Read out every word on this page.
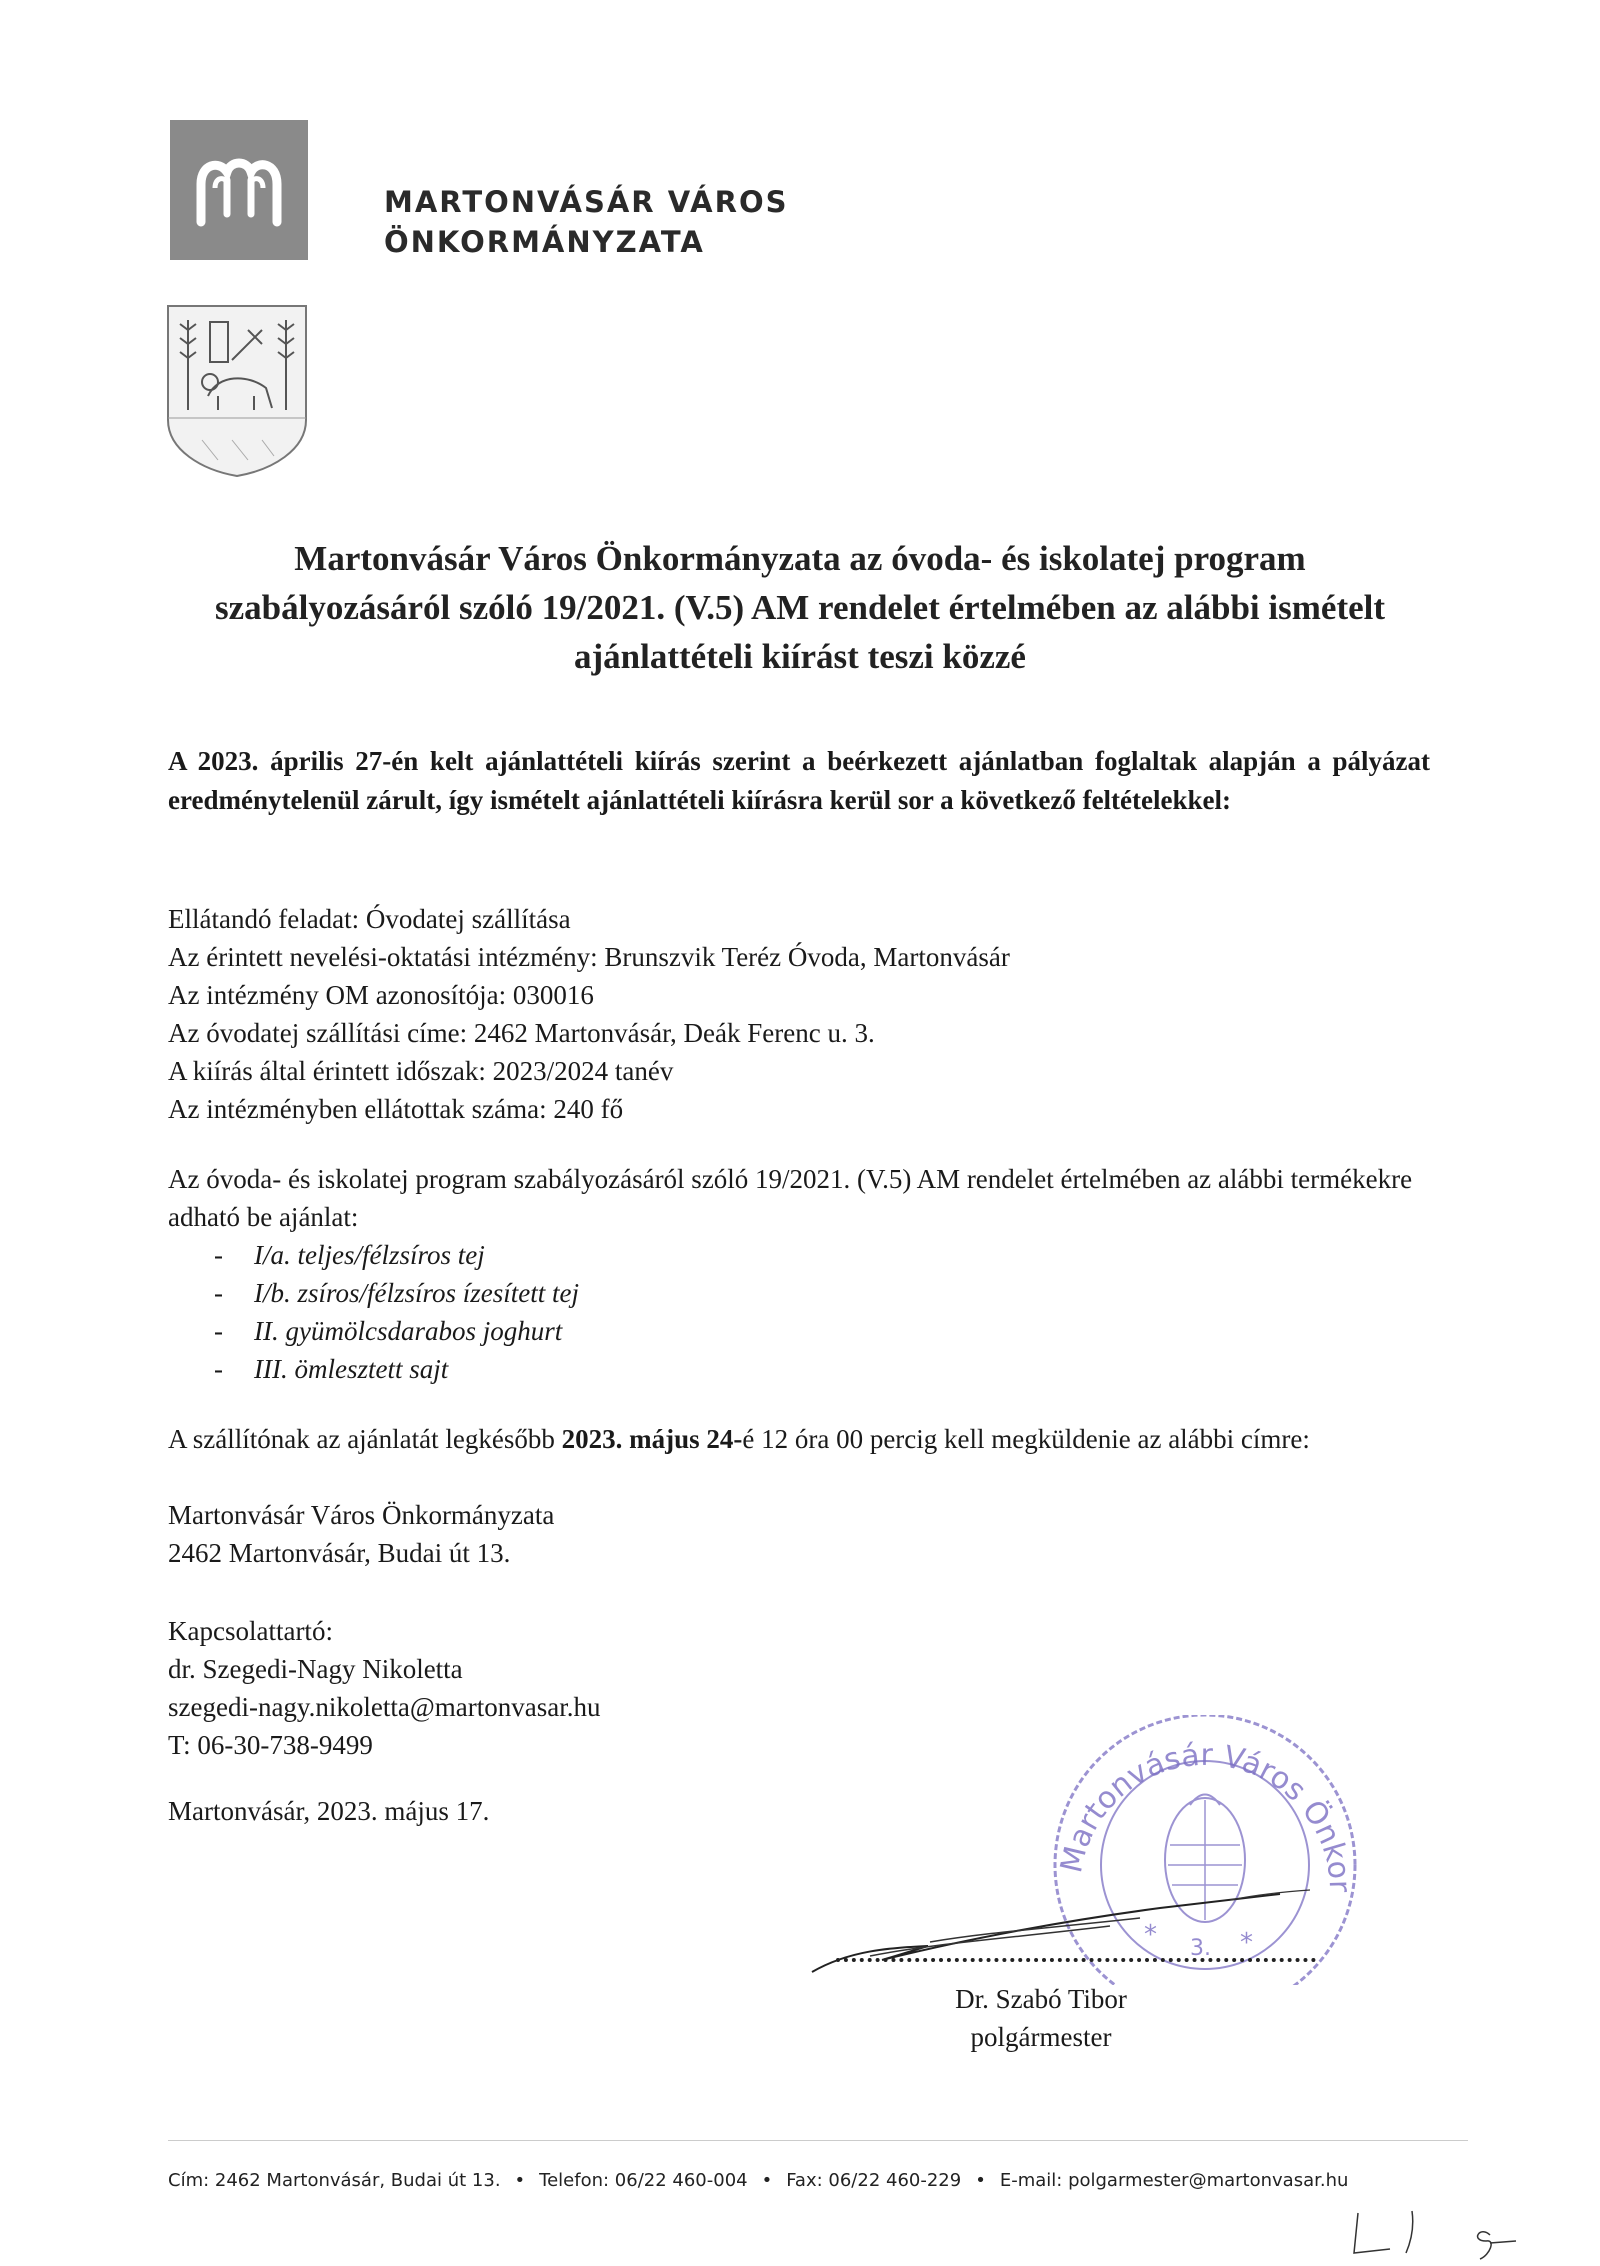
MARTONVÁSÁR VÁROS
ÖNKORMÁNYZATA
Martonvásár Város Önkormányzata az óvoda- és iskolatej program
szabályozásáról szóló 19/2021. (V.5) AM rendelet értelmében az alábbi ismételt
ajánlattételi kiírást teszi közzé
A 2023. április 27-én kelt ajánlattételi kiírás szerint a beérkezett ajánlatban foglaltak alapján a pályázat eredménytelenül zárult, így ismételt ajánlattételi kiírásra kerül sor a következő feltételekkel:
Ellátandó feladat: Óvodatej szállítása
Az érintett nevelési-oktatási intézmény: Brunszvik Teréz Óvoda, Martonvásár
Az intézmény OM azonosítója: 030016
Az óvodatej szállítási címe: 2462 Martonvásár, Deák Ferenc u. 3.
A kiírás által érintett időszak: 2023/2024 tanév
Az intézményben ellátottak száma: 240 fő
Az óvoda- és iskolatej program szabályozásáról szóló 19/2021. (V.5) AM rendelet értelmében az alábbi termékekre adható be ajánlat:
- I/a. teljes/félzsíros tej
- I/b. zsíros/félzsíros ízesített tej
- II. gyümölcsdarabos joghurt
- III. ömlesztett sajt
A szállítónak az ajánlatát legkésőbb 2023. május 24-é 12 óra 00 percig kell megküldenie az alábbi címre:
Martonvásár Város Önkormányzata
2462 Martonvásár, Budai út 13.
Kapcsolattartó:
dr. Szegedi-Nagy Nikoletta
szegedi-nagy.nikoletta@martonvasar.hu
T: 06-30-738-9499
Martonvásár, 2023. május 17.
Martonvásár Város Önkor
*	*
3.
Dr. Szabó Tibor
polgármester
Cím: 2462 Martonvásár, Budai út 13. • Telefon: 06/22 460-004 • Fax: 06/22 460-229 • E-mail: polgarmester@martonvasar.hu
